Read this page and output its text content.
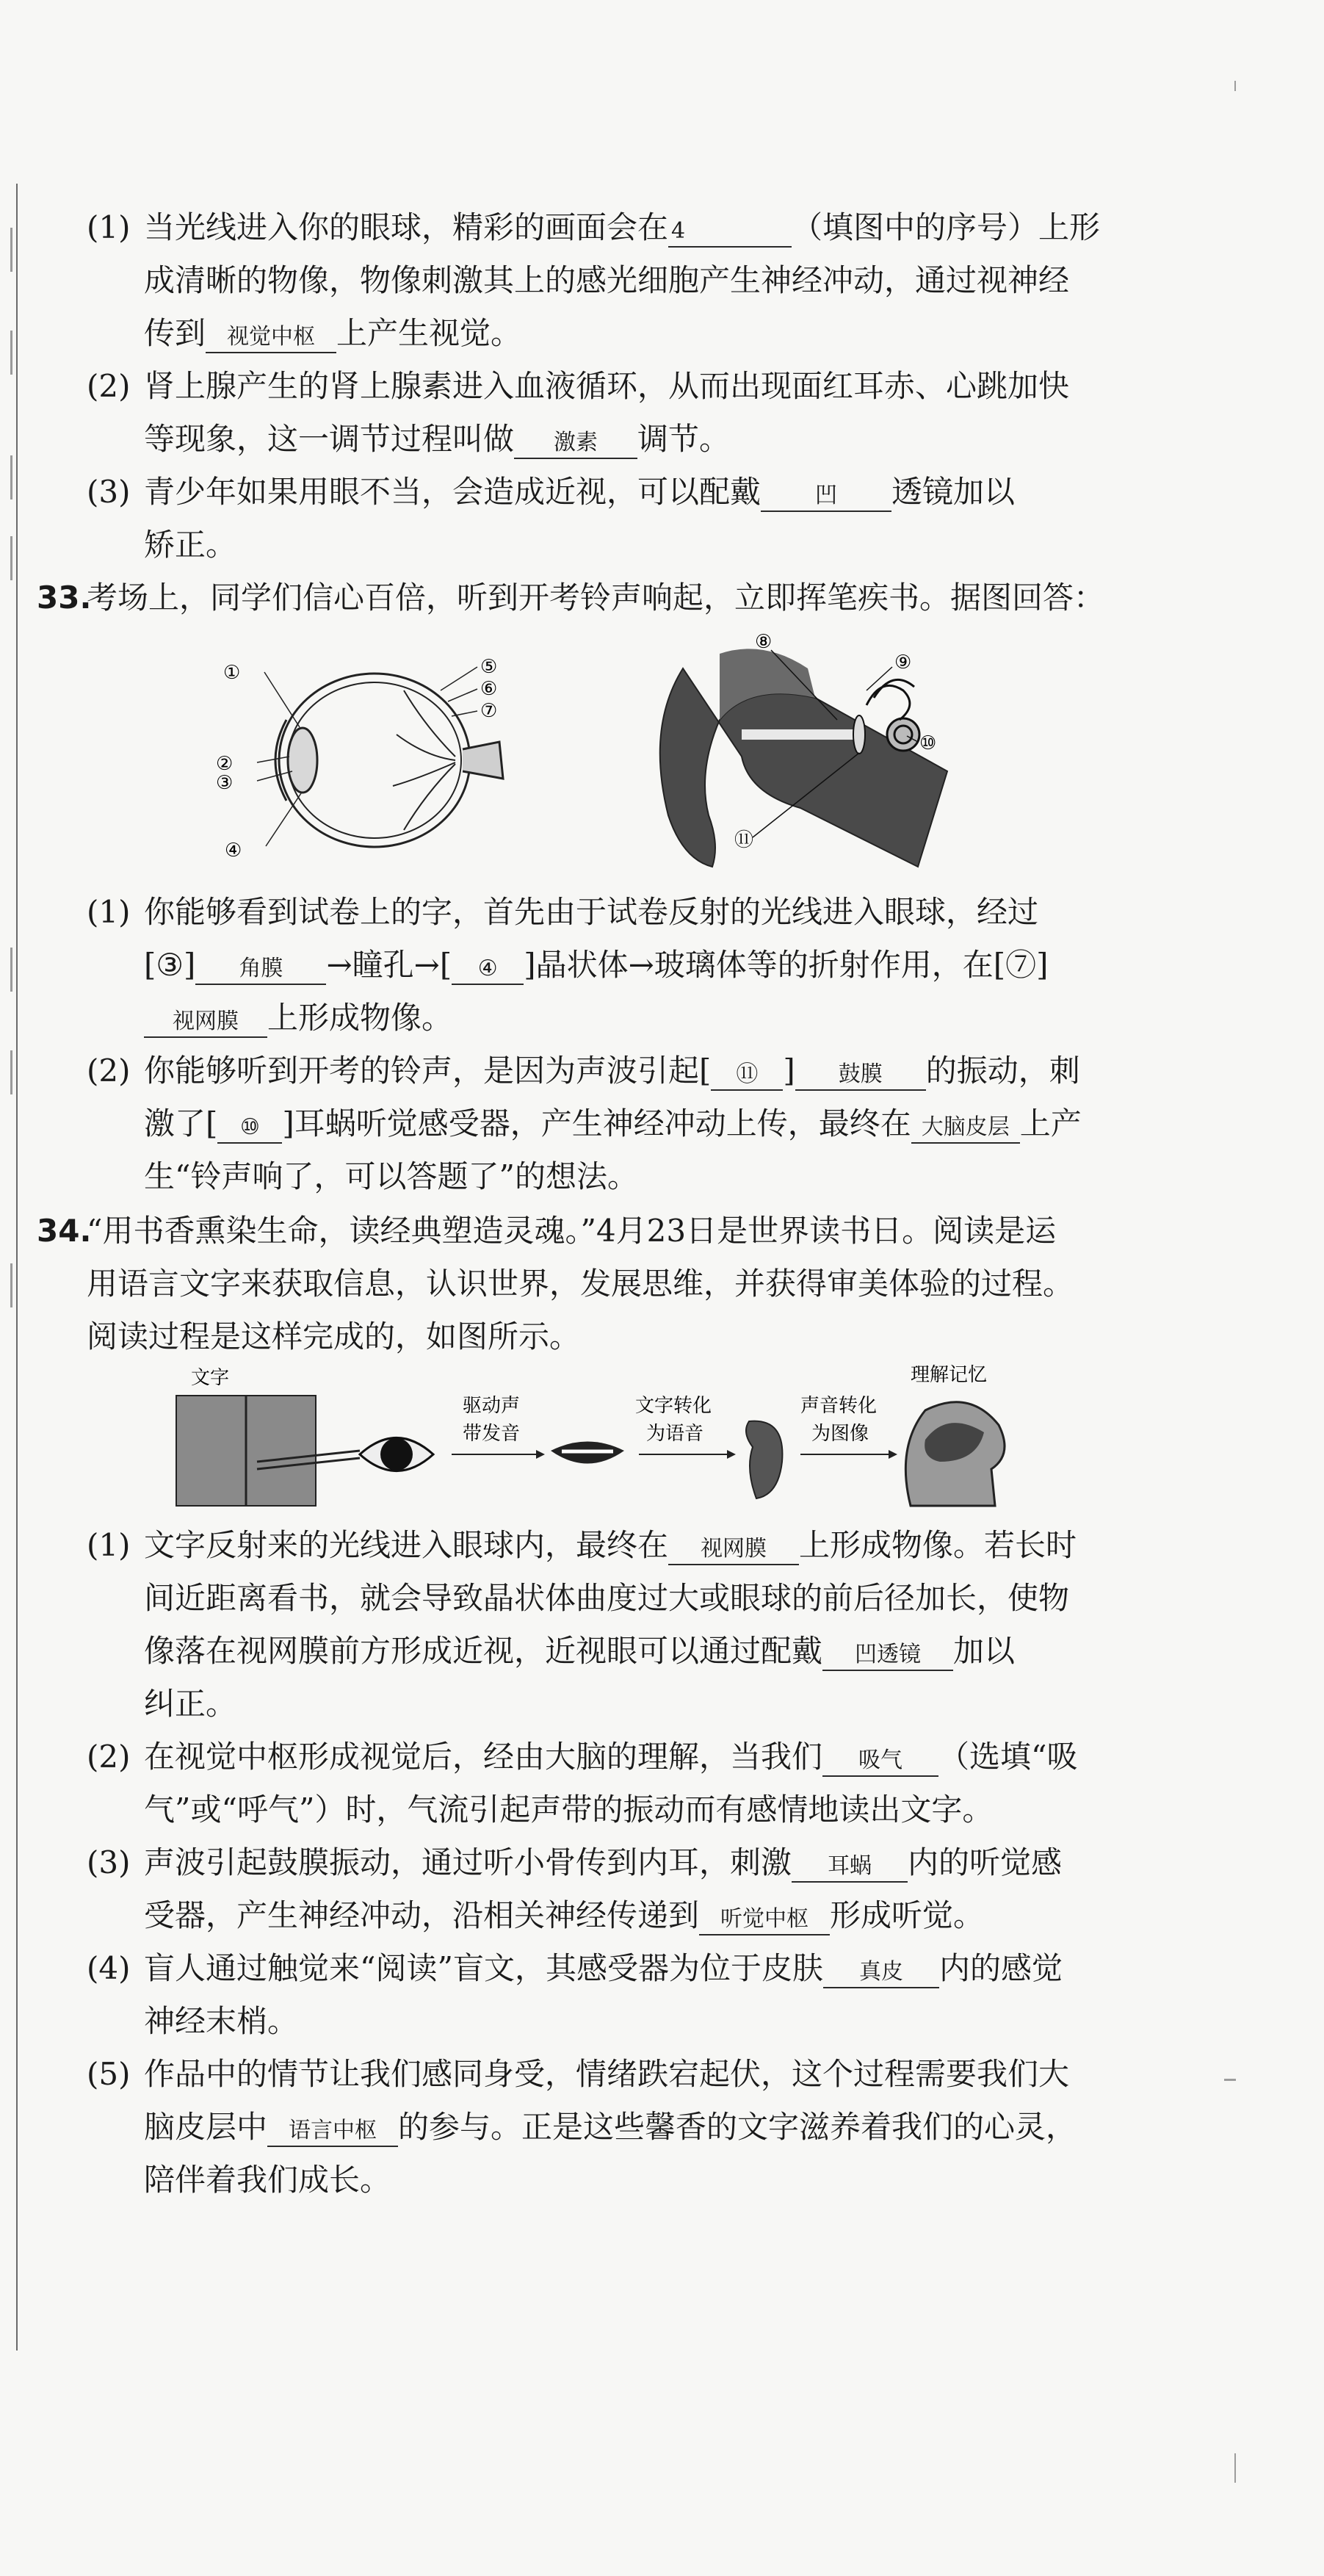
(1) 当光线进入你的眼球，精彩的画面会在 4	（填图中的序号）上形
成清晰的物像，物像刺激其上的感光细胞产生神经冲动，通过视神经
传到 视觉中枢 上产生视觉。
(2) 肾上腺产生的肾上腺素进入血液循环，从而出现面红耳赤、心跳加快
等现象，这一调节过程叫做 激素 调节。
(3) 青少年如果用眼不当，会造成近视，可以配戴 凹 透镜加以
矫正。
33.考场上，同学们信心百倍，听到开考铃声响起，立即挥笔疾书。据图回答：
①
②
③
④
⑤
⑥
⑦
⑧
⑨
⑩
⑪
(1) 你能够看到试卷上的字，首先由于试卷反射的光线进入眼球，经过
[③] 角膜 →瞳孔→[ ④ ]晶状体→玻璃体等的折射作用，在[⑦]
视网膜 上形成物像。
(2) 你能够听到开考的铃声，是因为声波引起[ ⑪ ] 鼓膜 的振动，刺
激了[ ⑩ ]耳蜗听觉感受器，产生神经冲动上传，最终在 大脑皮层 上产
生“铃声响了，可以答题了”的想法。
34.“用书香熏染生命，读经典塑造灵魂。”4月23日是世界读书日。阅读是运
用语言文字来获取信息，认识世界，发展思维，并获得审美体验的过程。
阅读过程是这样完成的，如图所示。
文字
驱动声
带发音
文字转化
为语音
声音转化
为图像
理解记忆
(1) 文字反射来的光线进入眼球内，最终在 视网膜 上形成物像。若长时
间近距离看书，就会导致晶状体曲度过大或眼球的前后径加长，使物
像落在视网膜前方形成近视，近视眼可以通过配戴 凹透镜 加以
纠正。
(2) 在视觉中枢形成视觉后，经由大脑的理解，当我们 吸气 （选填“吸
气”或“呼气”）时，气流引起声带的振动而有感情地读出文字。
(3) 声波引起鼓膜振动，通过听小骨传到内耳，刺激 耳蜗 内的听觉感
受器，产生神经冲动，沿相关神经传递到 听觉中枢 形成听觉。
(4) 盲人通过触觉来“阅读”盲文，其感受器为位于皮肤 真皮 内的感觉
神经末梢。
(5) 作品中的情节让我们感同身受，情绪跌宕起伏，这个过程需要我们大
脑皮层中 语言中枢 的参与。正是这些馨香的文字滋养着我们的心灵，
陪伴着我们成长。
